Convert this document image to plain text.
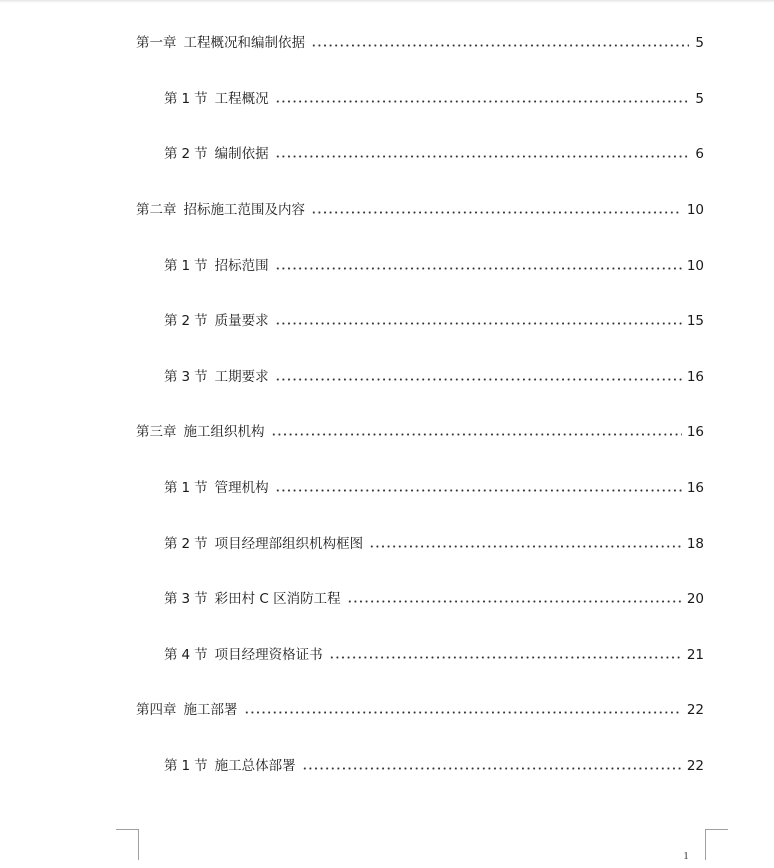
第一章 工程概况和编制依据	5
第 1 节 工程概况	5
第 2 节 编制依据	6
第二章 招标施工范围及内容	10
第 1 节 招标范围	10
第 2 节 质量要求	15
第 3 节 工期要求	16
第三章 施工组织机构	16
第 1 节 管理机构	16
第 2 节 项目经理部组织机构框图	18
第 3 节 彩田村 C 区消防工程	20
第 4 节 项目经理资格证书	21
第四章 施工部署	22
第 1 节 施工总体部署	22
1
